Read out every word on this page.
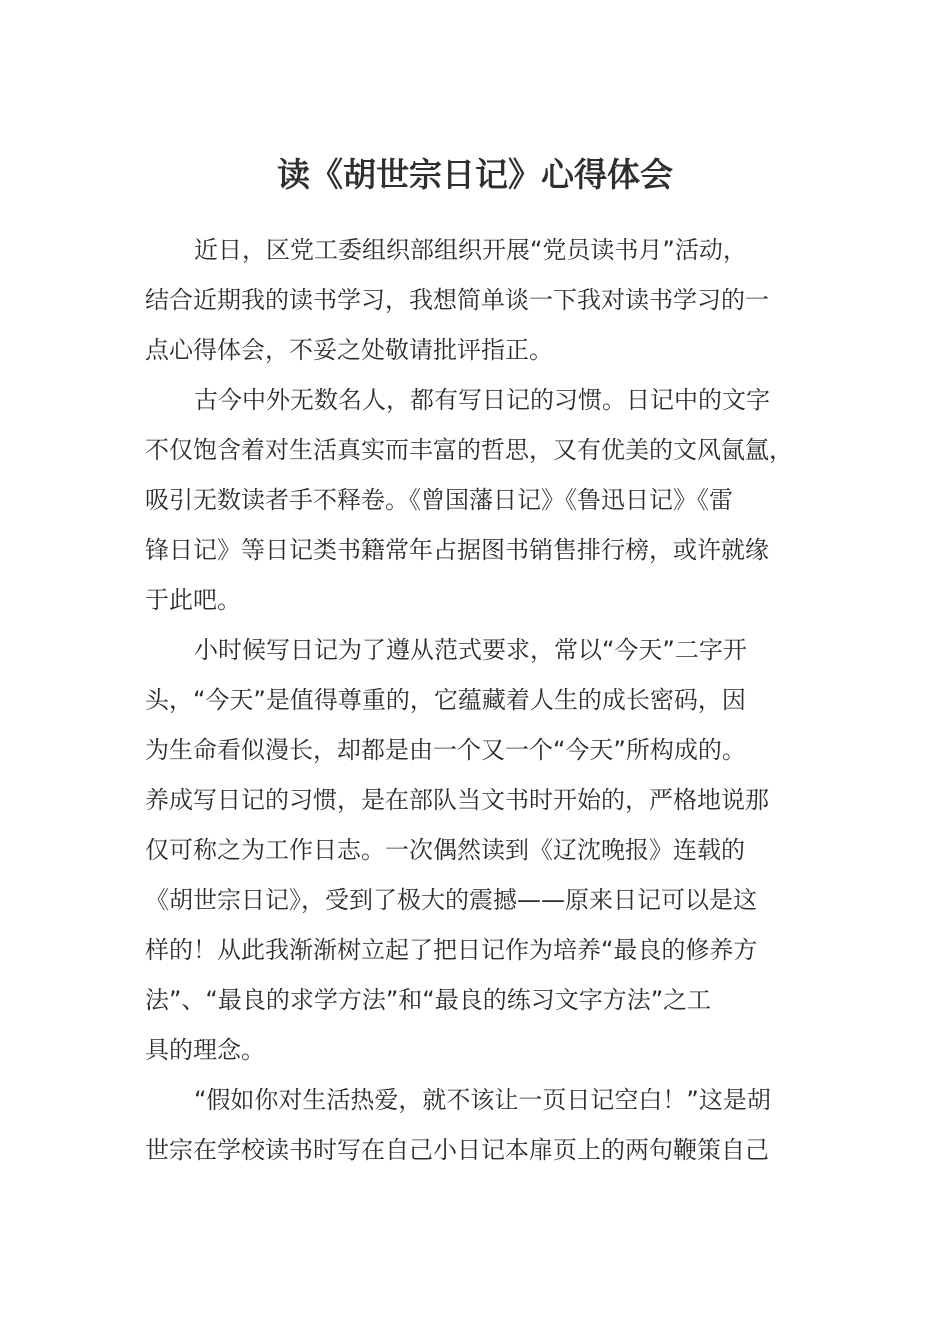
读《胡世宗日记》心得体会
近日，区党工委组织部组织开展“党员读书月”活动，
结合近期我的读书学习，我想简单谈一下我对读书学习的一
点心得体会，不妥之处敬请批评指正。
古今中外无数名人，都有写日记的习惯。日记中的文字
不仅饱含着对生活真实而丰富的哲思，又有优美的文风氤氲，
吸引无数读者手不释卷。《曾国藩日记》《鲁迅日记》《雷
锋日记》等日记类书籍常年占据图书销售排行榜，或许就缘
于此吧。
小时候写日记为了遵从范式要求，常以“今天”二字开
头，“今天”是值得尊重的，它蕴藏着人生的成长密码，因
为生命看似漫长，却都是由一个又一个“今天”所构成的。
养成写日记的习惯，是在部队当文书时开始的，严格地说那
仅可称之为工作日志。一次偶然读到《辽沈晚报》连载的
《胡世宗日记》，受到了极大的震撼——原来日记可以是这
样的！从此我渐渐树立起了把日记作为培养“最良的修养方
法”、“最良的求学方法”和“最良的练习文字方法”之工
具的理念。
“假如你对生活热爱，就不该让一页日记空白！”这是胡
世宗在学校读书时写在自己小日记本扉页上的两句鞭策自己
